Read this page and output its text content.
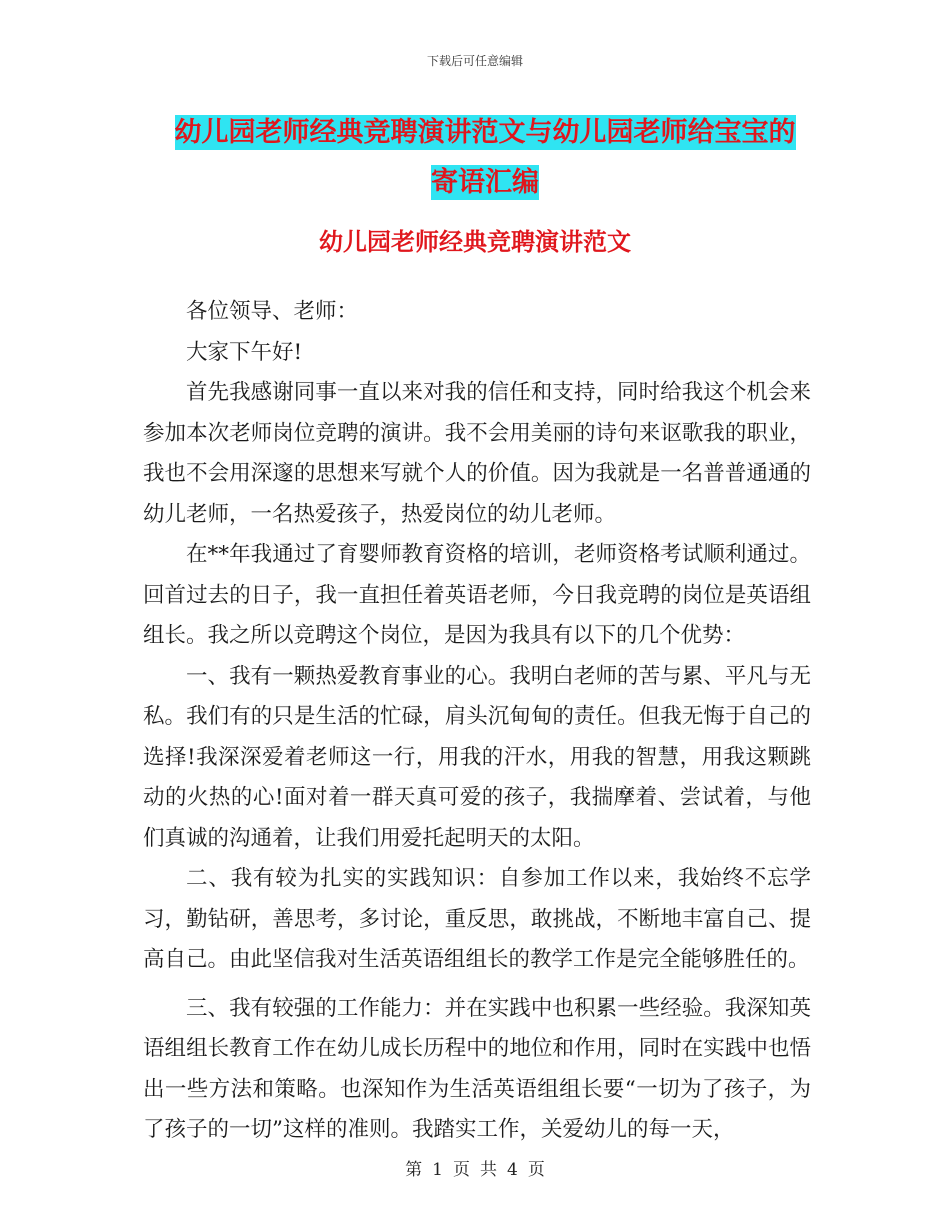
下载后可任意编辑
幼儿园老师经典竞聘演讲范文与幼儿园老师给宝宝的
寄语汇编
幼儿园老师经典竞聘演讲范文

各位领导、老师：

大家下午好!

首先我感谢同事一直以来对我的信任和支持，同时给我这个机会来参加本次老师岗位竞聘的演讲。我不会用美丽的诗句来讴歌我的职业， 我也不会用深邃的思想来写就个人的价值。因为我就是一名普普通通的幼儿老师，一名热爱孩子，热爱岗位的幼儿老师。

在**年我通过了育婴师教育资格的培训，老师资格考试顺利通过。回首过去的日子，我一直担任着英语老师，今日我竞聘的岗位是英语组组长。我之所以竞聘这个岗位，是因为我具有以下的几个优势：

一、我有一颗热爱教育事业的心。我明白老师的苦与累、平凡与无私。我们有的只是生活的忙碌，肩头沉甸甸的责任。但我无悔于自己的选择!我深深爱着老师这一行，用我的汗水，用我的智慧，用我这颗跳动的火热的心!面对着一群天真可爱的孩子，我揣摩着、尝试着，与他们真诚的沟通着，让我们用爱托起明天的太阳。

二、我有较为扎实的实践知识：自参加工作以来，我始终不忘学习，勤钻研，善思考，多讨论，重反思，敢挑战，不断地丰富自己、提高自己。由此坚信我对生活英语组组长的教学工作是完全能够胜任的。

三、我有较强的工作能力：并在实践中也积累一些经验。我深知英语组组长教育工作在幼儿成长历程中的地位和作用，同时在实践中也悟出一些方法和策略。也深知作为生活英语组组长要“一切为了孩子，为了孩子的一切”这样的准则。我踏实工作，关爱幼儿的每一天，

第 1 页 共 4 页
